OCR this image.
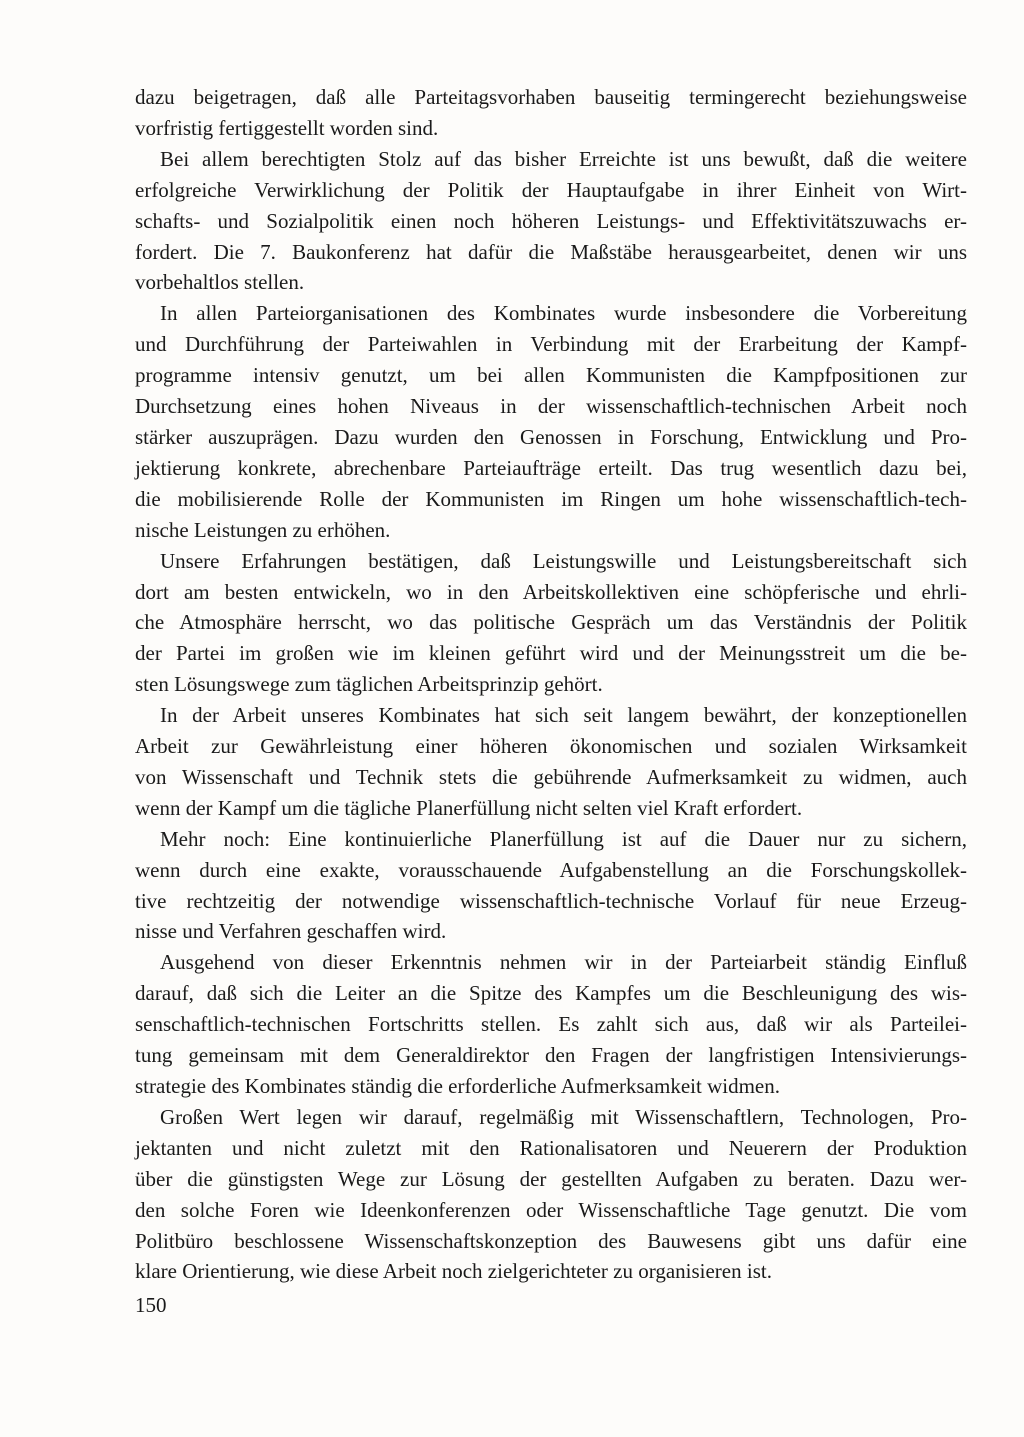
dazu beigetragen, daß alle Parteitagsvorhaben bauseitig termingerecht beziehungsweise
vorfristig fertiggestellt worden sind.

Bei allem berechtigten Stolz auf das bisher Erreichte ist uns bewußt, daß die weitere
erfolgreiche Verwirklichung der Politik der Hauptaufgabe in ihrer Einheit von Wirt-
schafts- und Sozialpolitik einen noch höheren Leistungs- und Effektivitätszuwachs er-
fordert. Die 7. Baukonferenz hat dafür die Maßstäbe herausgearbeitet, denen wir uns
vorbehaltlos stellen.

In allen Parteiorganisationen des Kombinates wurde insbesondere die Vorbereitung
und Durchführung der Parteiwahlen in Verbindung mit der Erarbeitung der Kampf-
programme intensiv genutzt, um bei allen Kommunisten die Kampfpositionen zur
Durchsetzung eines hohen Niveaus in der wissenschaftlich-technischen Arbeit noch
stärker auszuprägen. Dazu wurden den Genossen in Forschung, Entwicklung und Pro-
jektierung konkrete, abrechenbare Parteiaufträge erteilt. Das trug wesentlich dazu bei,
die mobilisierende Rolle der Kommunisten im Ringen um hohe wissenschaftlich-tech-
nische Leistungen zu erhöhen.

Unsere Erfahrungen bestätigen, daß Leistungswille und Leistungsbereitschaft sich
dort am besten entwickeln, wo in den Arbeitskollektiven eine schöpferische und ehrli-
che Atmosphäre herrscht, wo das politische Gespräch um das Verständnis der Politik
der Partei im großen wie im kleinen geführt wird und der Meinungsstreit um die be-
sten Lösungswege zum täglichen Arbeitsprinzip gehört.

In der Arbeit unseres Kombinates hat sich seit langem bewährt, der konzeptionellen
Arbeit zur Gewährleistung einer höheren ökonomischen und sozialen Wirksamkeit
von Wissenschaft und Technik stets die gebührende Aufmerksamkeit zu widmen, auch
wenn der Kampf um die tägliche Planerfüllung nicht selten viel Kraft erfordert.

Mehr noch: Eine kontinuierliche Planerfüllung ist auf die Dauer nur zu sichern,
wenn durch eine exakte, vorausschauende Aufgabenstellung an die Forschungskollek-
tive rechtzeitig der notwendige wissenschaftlich-technische Vorlauf für neue Erzeug-
nisse und Verfahren geschaffen wird.

Ausgehend von dieser Erkenntnis nehmen wir in der Parteiarbeit ständig Einfluß
darauf, daß sich die Leiter an die Spitze des Kampfes um die Beschleunigung des wis-
senschaftlich-technischen Fortschritts stellen. Es zahlt sich aus, daß wir als Parteilei-
tung gemeinsam mit dem Generaldirektor den Fragen der langfristigen Intensivierungs-
strategie des Kombinates ständig die erforderliche Aufmerksamkeit widmen.

Großen Wert legen wir darauf, regelmäßig mit Wissenschaftlern, Technologen, Pro-
jektanten und nicht zuletzt mit den Rationalisatoren und Neuerern der Produktion
über die günstigsten Wege zur Lösung der gestellten Aufgaben zu beraten. Dazu wer-
den solche Foren wie Ideenkonferenzen oder Wissenschaftliche Tage genutzt. Die vom
Politbüro beschlossene Wissenschaftskonzeption des Bauwesens gibt uns dafür eine
klare Orientierung, wie diese Arbeit noch zielgerichteter zu organisieren ist.

150
